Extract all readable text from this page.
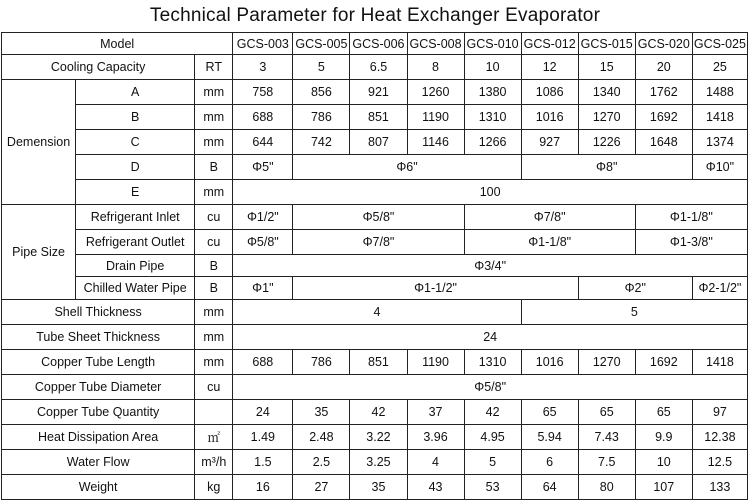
Technical Parameter for Heat Exchanger Evaporator
Model			GCS-003	GCS-005	GCS-006	GCS-008	GCS-010	GCS-012	GCS-015	GCS-020	GCS-025
Cooling Capacity		RT	3	5	6.5	8	10	12	15	20	25
Demension	A	mm	758	856	921	1260	1380	1086	1340	1762	1488
	B	mm	688	786	851	1190	1310	1016	1270	1692	1418
	C	mm	644	742	807	1146	1266	927	1226	1648	1374
	D	B	Φ5"	Φ6"				Φ8"			Φ10"
	E	mm	100								
Pipe Size	Refrigerant Inlet	cu	Φ1/2"	Φ5/8"			Φ7/8"			Φ1-1/8"	
	Refrigerant Outlet	cu	Φ5/8"	Φ7/8"			Φ1-1/8"			Φ1-3/8"	
	Drain Pipe	B	Φ3/4"								
	Chilled Water Pipe	B	Φ1"	Φ1-1/2"					Φ2"		Φ2-1/2"
Shell Thickness		mm	4					5			
Tube Sheet Thickness		mm	24								
Copper Tube Length		mm	688	786	851	1190	1310	1016	1270	1692	1418
Copper Tube Diameter		cu	Φ5/8"								
Copper Tube Quantity			24	35	42	37	42	65	65	65	97
Heat Dissipation Area		㎡	1.49	2.48	3.22	3.96	4.95	5.94	7.43	9.9	12.38
Water Flow		m³/h	1.5	2.5	3.25	4	5	6	7.5	10	12.5
Weight		kg	16	27	35	43	53	64	80	107	133
